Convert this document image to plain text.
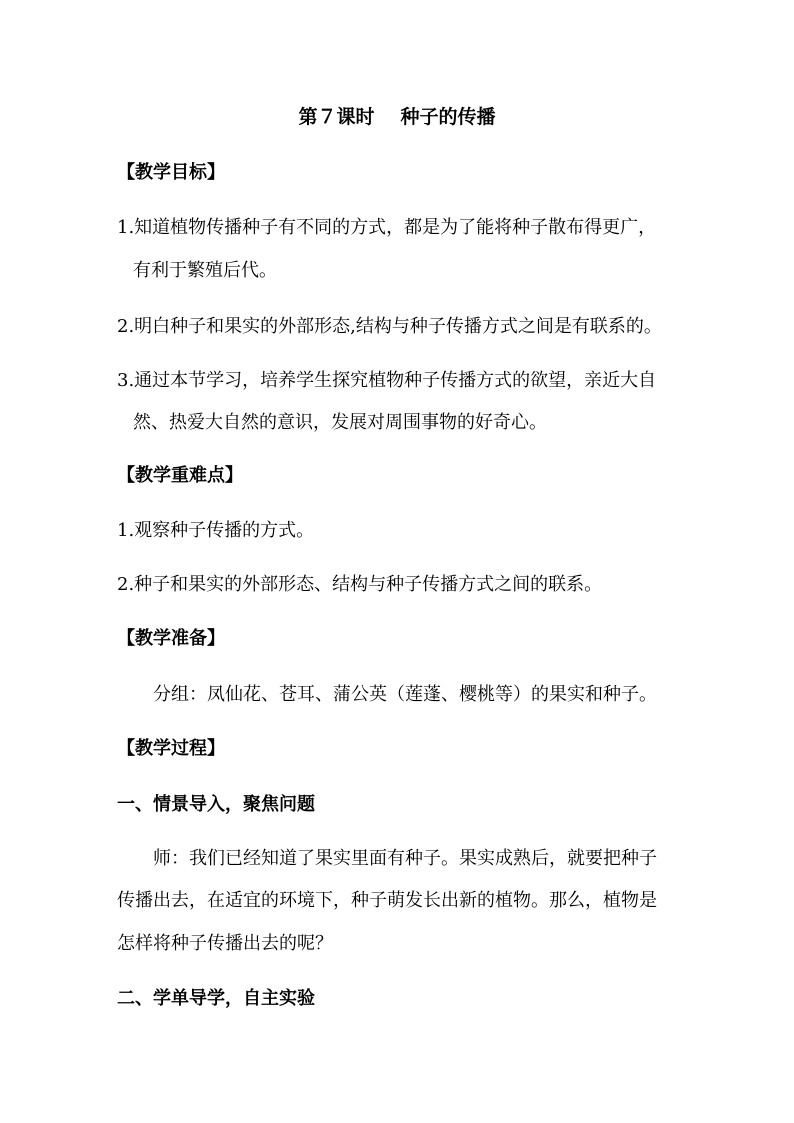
第７课时 种子的传播
【教学目标】
1.知道植物传播种子有不同的方式，都是为了能将种子散布得更广，
有利于繁殖后代。
2.明白种子和果实的外部形态,结构与种子传播方式之间是有联系的。
3.通过本节学习，培养学生探究植物种子传播方式的欲望，亲近大自
然、热爱大自然的意识，发展对周围事物的好奇心。
【教学重难点】
1.观察种子传播的方式。
2.种子和果实的外部形态、结构与种子传播方式之间的联系。
【教学准备】
分组：凤仙花、苍耳、蒲公英（莲蓬、樱桃等）的果实和种子。
【教学过程】
一、情景导入，聚焦问题
师：我们已经知道了果实里面有种子。果实成熟后，就要把种子
传播出去，在适宜的环境下，种子萌发长出新的植物。那么，植物是
怎样将种子传播出去的呢？
二、学单导学，自主实验
